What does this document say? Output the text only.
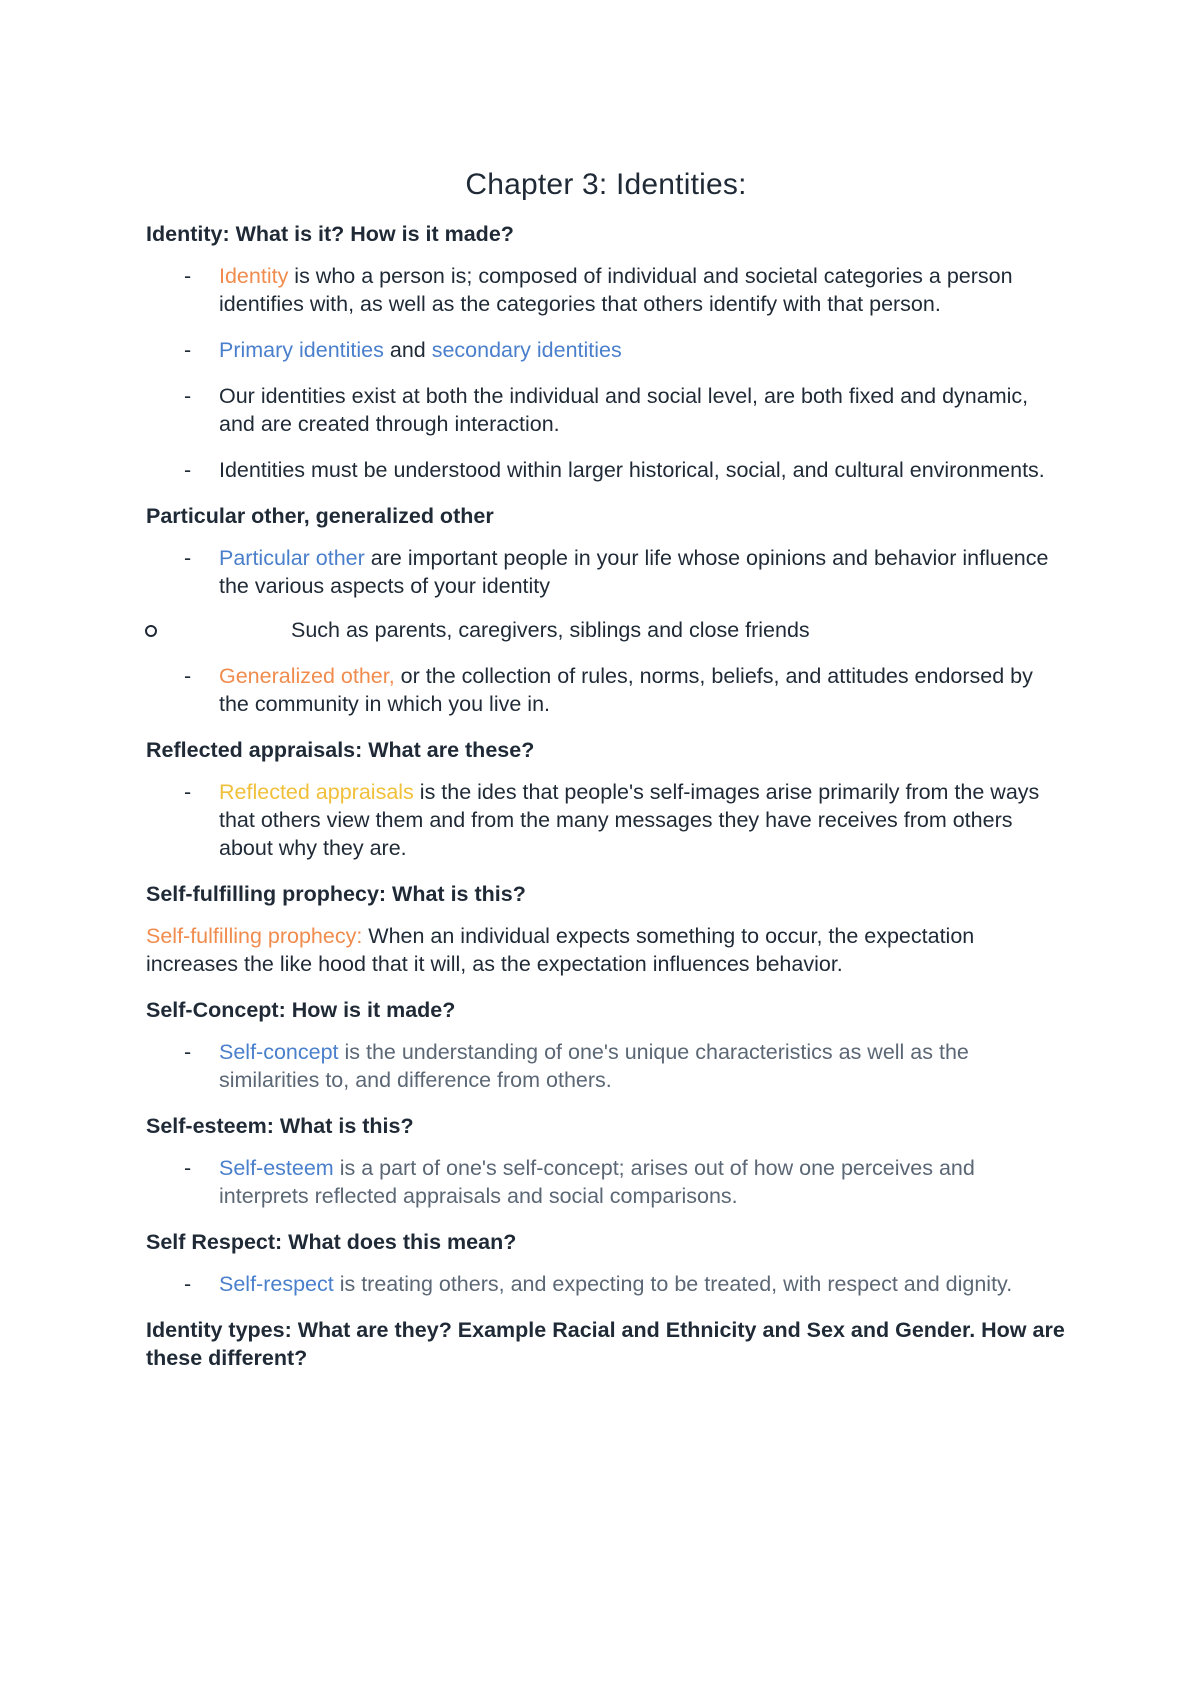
Chapter 3: Identities:
Identity: What is it? How is it made?
- Identity is who a person is; composed of individual and societal categories a person identifies with, as well as the categories that others identify with that person.
- Primary identities and secondary identities
- Our identities exist at both the individual and social level, are both fixed and dynamic, and are created through interaction.
- Identities must be understood within larger historical, social, and cultural environments.
Particular other, generalized other
- Particular other are important people in your life whose opinions and behavior influence the various aspects of your identity
Such as parents, caregivers, siblings and close friends
- Generalized other, or the collection of rules, norms, beliefs, and attitudes endorsed by the community in which you live in.
Reflected appraisals: What are these?
- Reflected appraisals is the ides that people's self-images arise primarily from the ways that others view them and from the many messages they have receives from others about why they are.
Self-fulfilling prophecy: What is this?

Self-fulfilling prophecy: When an individual expects something to occur, the expectation increases the like hood that it will, as the expectation influences behavior.

Self-Concept: How is it made?
- Self-concept is the understanding of one's unique characteristics as well as the similarities to, and difference from others.
Self-esteem: What is this?
- Self-esteem is a part of one's self-concept; arises out of how one perceives and interprets reflected appraisals and social comparisons.
Self Respect: What does this mean?
- Self-respect is treating others, and expecting to be treated, with respect and dignity.
Identity types: What are they? Example Racial and Ethnicity and Sex and Gender. How are these different?
